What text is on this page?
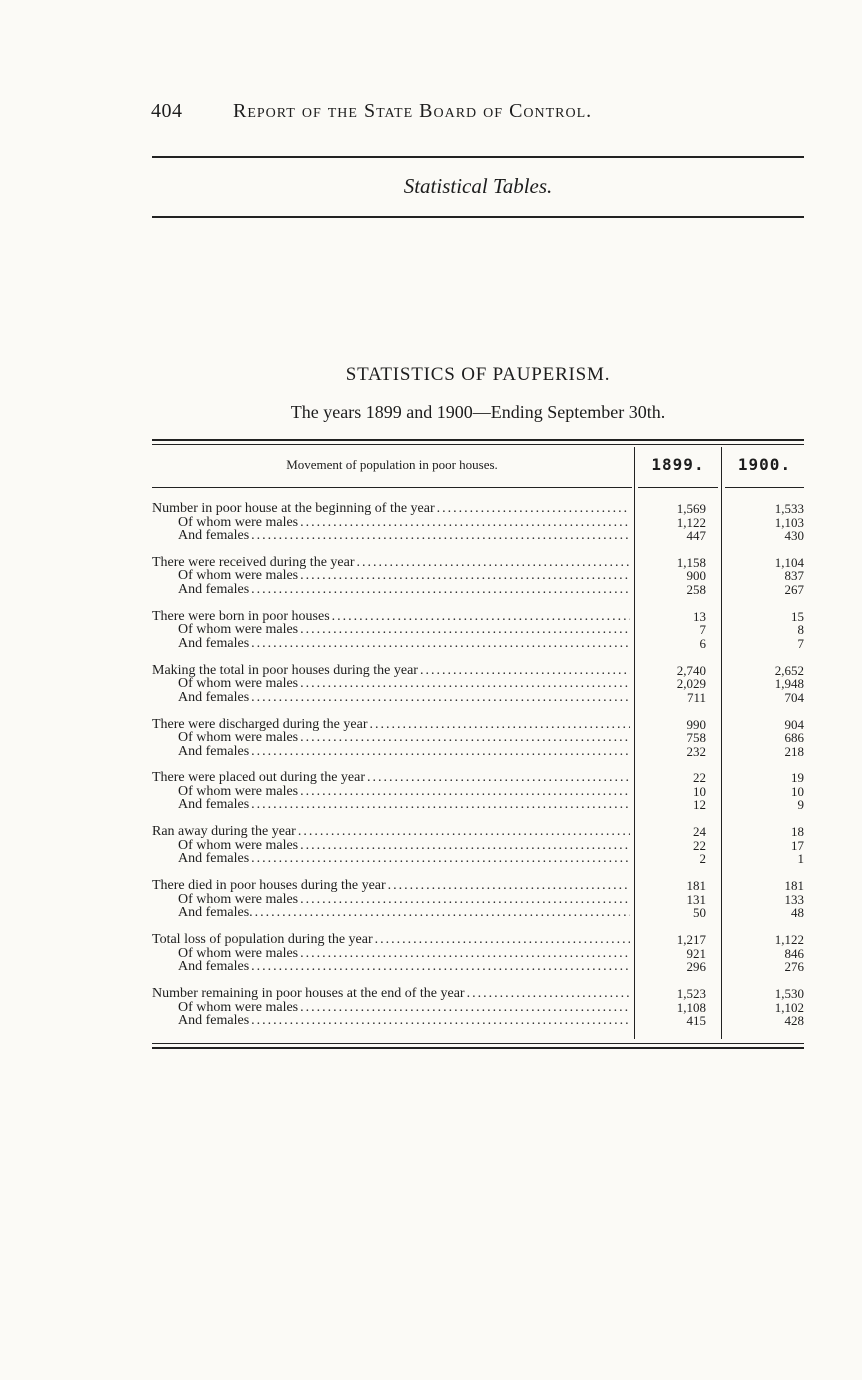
404	Report of the State Board of Control.
Statistical Tables.
STATISTICS OF PAUPERISM.
The years 1899 and 1900—Ending September 30th.
Movement of population in poor houses.	1899.	1900.
Number in poor house at the beginning of the year .....	1,569	1,533
Of whom were males .....	1,122	1,103
And females .....	447	430
There were received during the year .....	1,158	1,104
Of whom were males .....	900	837
And females .....	258	267
There were born in poor houses .....	13	15
Of whom were males .....	7	8
And females .....	6	7
Making the total in poor houses during the year .....	2,740	2,652
Of whom were males .....	2,029	1,948
And females .....	711	704
There were discharged during the year .....	990	904
Of whom were males .....	758	686
And females .....	232	218
There were placed out during the year .....	22	19
Of whom were males .....	10	10
And females .....	12	9
Ran away during the year .....	24	18
Of whom were males .....	22	17
And females .....	2	1
There died in poor houses during the year .....	181	181
Of whom were males .....	131	133
And females. .....	50	48
Total loss of population during the year .....	1,217	1,122
Of whom were males .....	921	846
And females .....	296	276
Number remaining in poor houses at the end of the year .....	1,523	1,530
Of whom were males .....	1,108	1,102
And females .....	415	428
